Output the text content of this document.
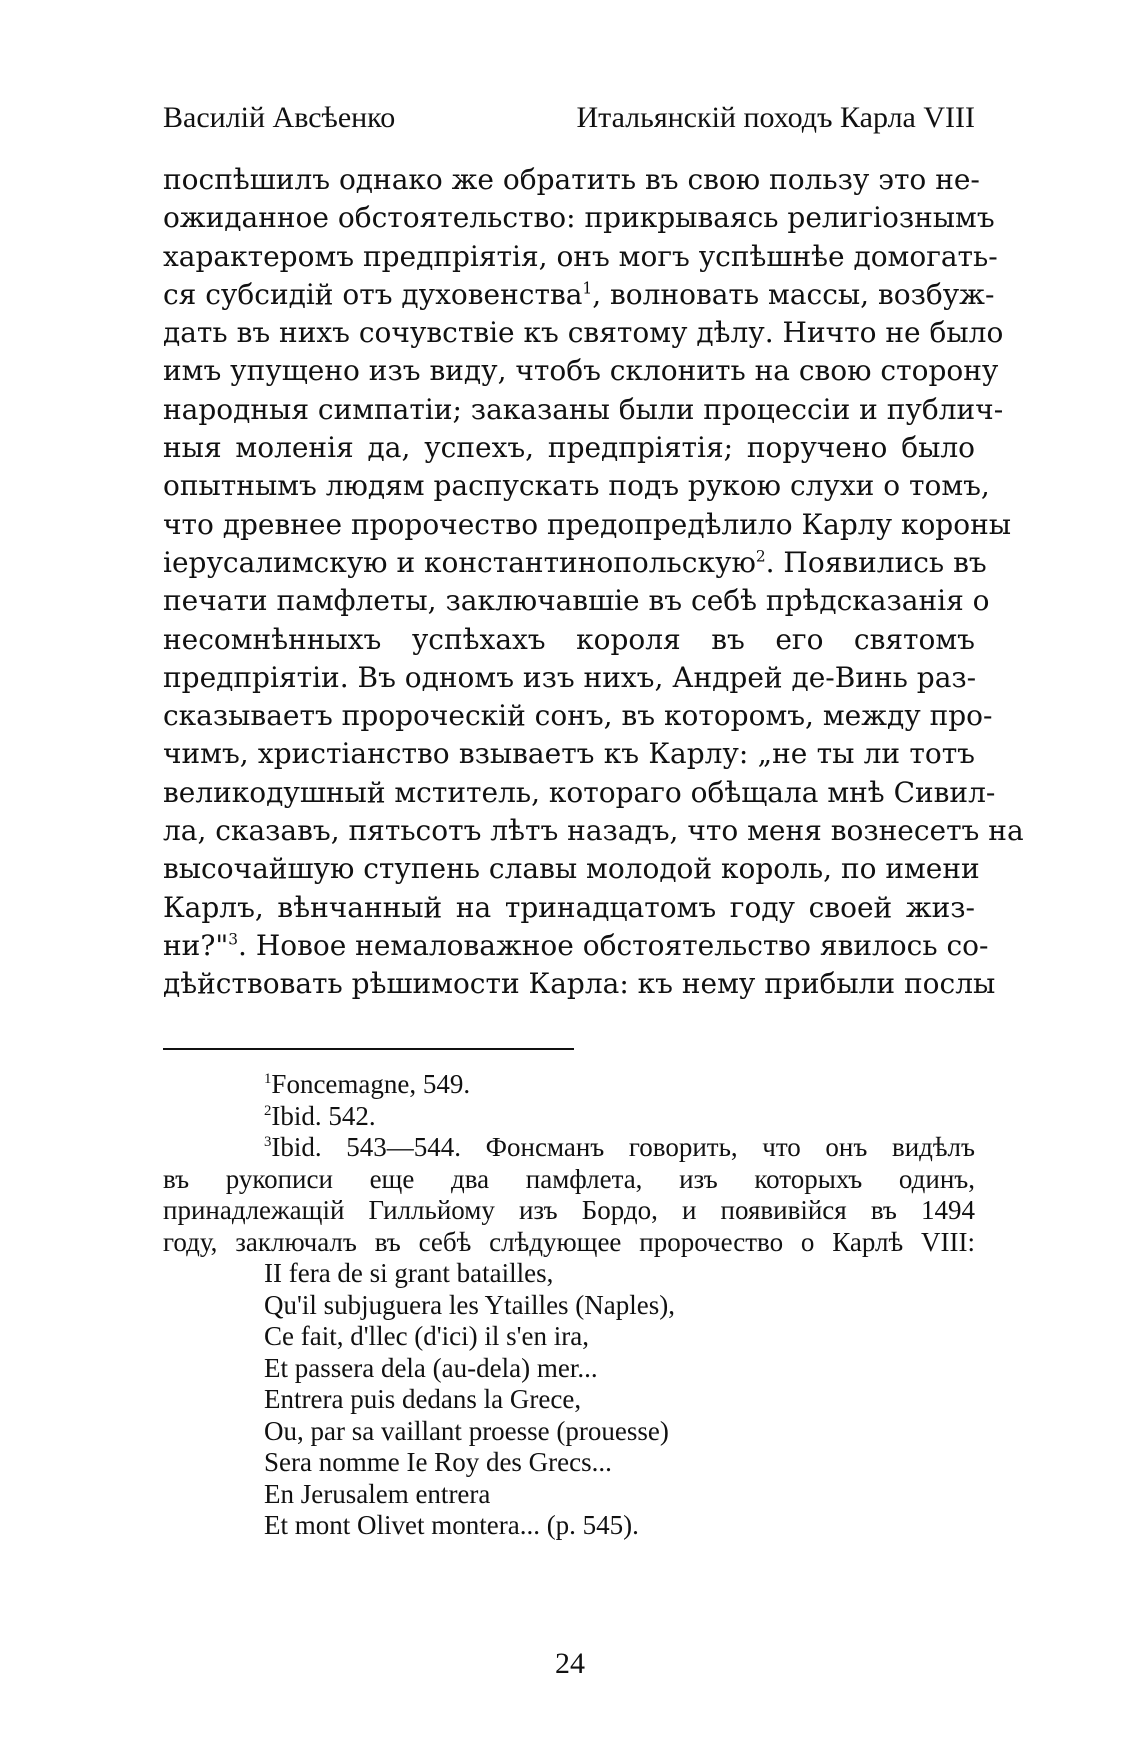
Василій Авсѣенко	Итальянскій походъ Карла VIII
поспѣшилъ однако же обратить въ свою пользу это не-
ожиданное обстоятельство: прикрываясь религіознымъ
характеромъ предпріятія, онъ могъ успѣшнѣе домогать-
ся субсидій отъ духовенства$^1$, волновать массы, возбуж-
дать въ нихъ сочувствіе къ святому дѣлу. Ничто не было
имъ упущено изъ виду, чтобъ склонить на свою сторону
народныя симпатіи; заказаны были процессіи и публич-
ныя моленія да, успехъ, предпріятія; поручено было
опытнымъ людям распускать подъ рукою слухи о томъ,
что древнее пророчество предопредѣлило Карлу короны
іерусалимскую и константинопольскую$^2$. Появились въ
печати памфлеты, заключавшіе въ себѣ прѣдсказанія о
несомнѣнныхъ успѣхахъ короля въ его святомъ
предпріятіи. Въ одномъ изъ нихъ, Андрей де-Винь раз-
сказываетъ пророческій сонъ, въ которомъ, между про-
чимъ, христіанство взываетъ къ Карлу: „не ты ли тотъ
великодушный мститель, котораго обѣщала мнѣ Сивил-
ла, сказавъ, пятьсотъ лѣтъ назадъ, что меня вознесетъ на
высочайшую ступень славы молодой король, по имени
Карлъ, вѣнчанный на тринадцатомъ году своей жиз-
ни?"$^3$. Новое немаловажное обстоятельство явилось со-
дѣйствовать рѣшимости Карла: къ нему прибыли послы
$^1$Foncemagne, 549.
$^2$Ibid. 542.
$^3$Ibid. 543—544. Фонсманъ говорить, что онъ видѣлъ
въ рукописи еще два памфлета, изъ которыхъ одинъ,
принадлежащій Гилльйому изъ Бордо, и появивійся въ 1494
году, заключалъ въ себѣ слѣдующее пророчество о Карлѣ VIII:
II fera de si grant batailles,
Qu'il subjuguera les Ytailles (Naples),
Ce fait, d'llec (d'ici) il s'en ira,
Et passera dela (au-dela) mer...
Entrera puis dedans la Grece,
Ou, par sa vaillant proesse (prouesse)
Sera nomme Ie Roy des Grecs...
En Jerusalem entrera
Et mont Olivet montera... (p. 545).
24
